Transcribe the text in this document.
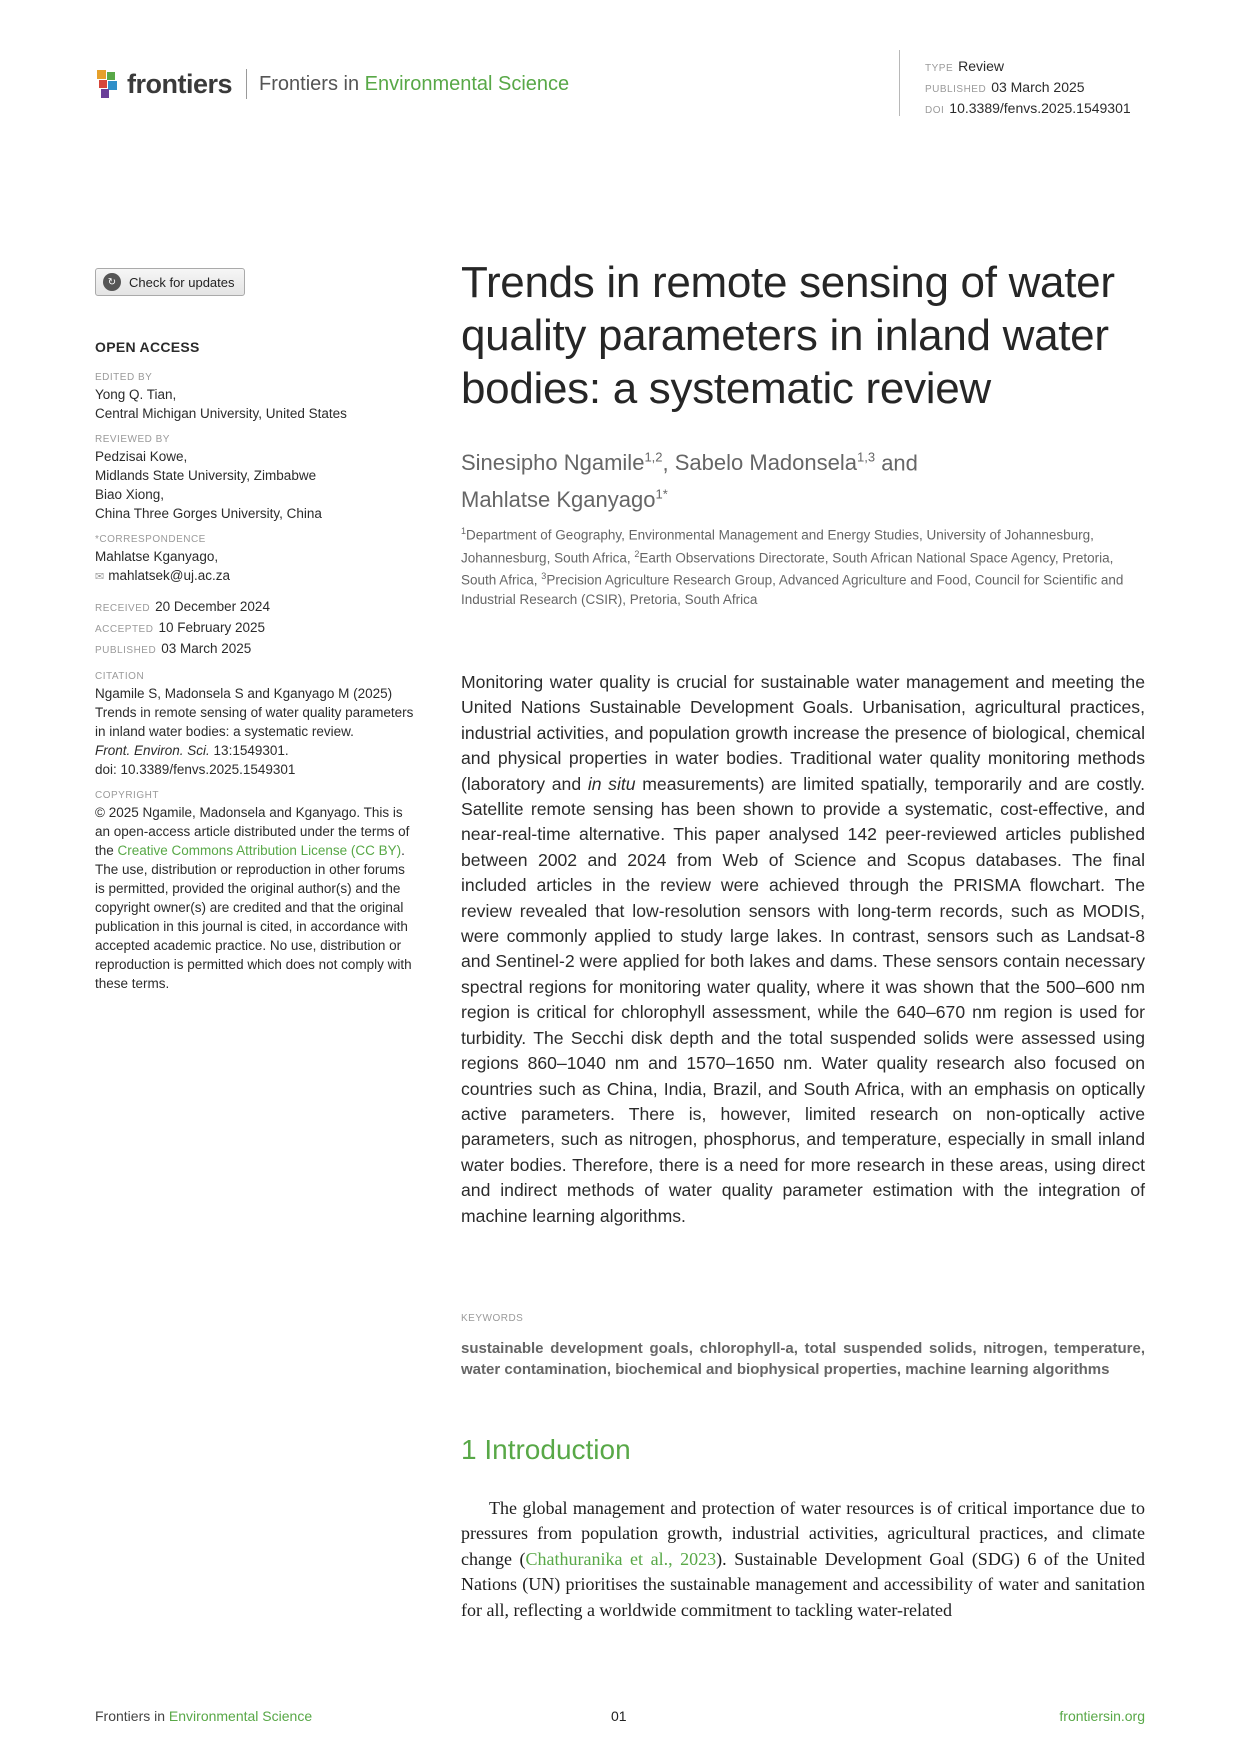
frontiers Frontiers in Environmental Science
TYPE Review
PUBLISHED 03 March 2025
DOI 10.3389/fenvs.2025.1549301
↻ Check for updates
OPEN ACCESS
EDITED BY
Yong Q. Tian,
Central Michigan University, United States
REVIEWED BY
Pedzisai Kowe,
Midlands State University, Zimbabwe
Biao Xiong,
China Three Gorges University, China
*CORRESPONDENCE
Mahlatse Kganyago,
✉ mahlatsek@uj.ac.za
RECEIVED 20 December 2024
ACCEPTED 10 February 2025
PUBLISHED 03 March 2025
CITATION
Ngamile S, Madonsela S and Kganyago M (2025) Trends in remote sensing of water quality parameters in inland water bodies: a systematic review.
Front. Environ. Sci. 13:1549301.
doi: 10.3389/fenvs.2025.1549301
COPYRIGHT
© 2025 Ngamile, Madonsela and Kganyago. This is an open-access article distributed under the terms of the Creative Commons Attribution License (CC BY). The use, distribution or reproduction in other forums is permitted, provided the original author(s) and the copyright owner(s) are credited and that the original publication in this journal is cited, in accordance with accepted academic practice. No use, distribution or reproduction is permitted which does not comply with these terms.
Trends in remote sensing of water quality parameters in inland water bodies: a systematic review
Sinesipho Ngamile$^{1,2}$, Sabelo Madonsela$^{1,3}$ and
Mahlatse Kganyago$^{1*}$
$^1$Department of Geography, Environmental Management and Energy Studies, University of Johannesburg, Johannesburg, South Africa, $^2$Earth Observations Directorate, South African National Space Agency, Pretoria, South Africa, $^3$Precision Agriculture Research Group, Advanced Agriculture and Food, Council for Scientific and Industrial Research (CSIR), Pretoria, South Africa

Monitoring water quality is crucial for sustainable water management and meeting the United Nations Sustainable Development Goals. Urbanisation, agricultural practices, industrial activities, and population growth increase the presence of biological, chemical and physical properties in water bodies. Traditional water quality monitoring methods (laboratory and in situ measurements) are limited spatially, temporarily and are costly. Satellite remote sensing has been shown to provide a systematic, cost-effective, and near-real-time alternative. This paper analysed 142 peer-reviewed articles published between 2002 and 2024 from Web of Science and Scopus databases. The final included articles in the review were achieved through the PRISMA flowchart. The review revealed that low-resolution sensors with long-term records, such as MODIS, were commonly applied to study large lakes. In contrast, sensors such as Landsat-8 and Sentinel-2 were applied for both lakes and dams. These sensors contain necessary spectral regions for monitoring water quality, where it was shown that the 500–600 nm region is critical for chlorophyll assessment, while the 640–670 nm region is used for turbidity. The Secchi disk depth and the total suspended solids were assessed using regions 860–1040 nm and 1570–1650 nm. Water quality research also focused on countries such as China, India, Brazil, and South Africa, with an emphasis on optically active parameters. There is, however, limited research on non-optically active parameters, such as nitrogen, phosphorus, and temperature, especially in small inland water bodies. Therefore, there is a need for more research in these areas, using direct and indirect methods of water quality parameter estimation with the integration of machine learning algorithms.

KEYWORDS
sustainable development goals, chlorophyll-a, total suspended solids, nitrogen, temperature, water contamination, biochemical and biophysical properties, machine learning algorithms
1 Introduction

The global management and protection of water resources is of critical importance due to pressures from population growth, industrial activities, agricultural practices, and climate change (Chathuranika et al., 2023). Sustainable Development Goal (SDG) 6 of the United Nations (UN) prioritises the sustainable management and accessibility of water and sanitation for all, reflecting a worldwide commitment to tackling water-related

Frontiers in Environmental Science	01	frontiersin.org
